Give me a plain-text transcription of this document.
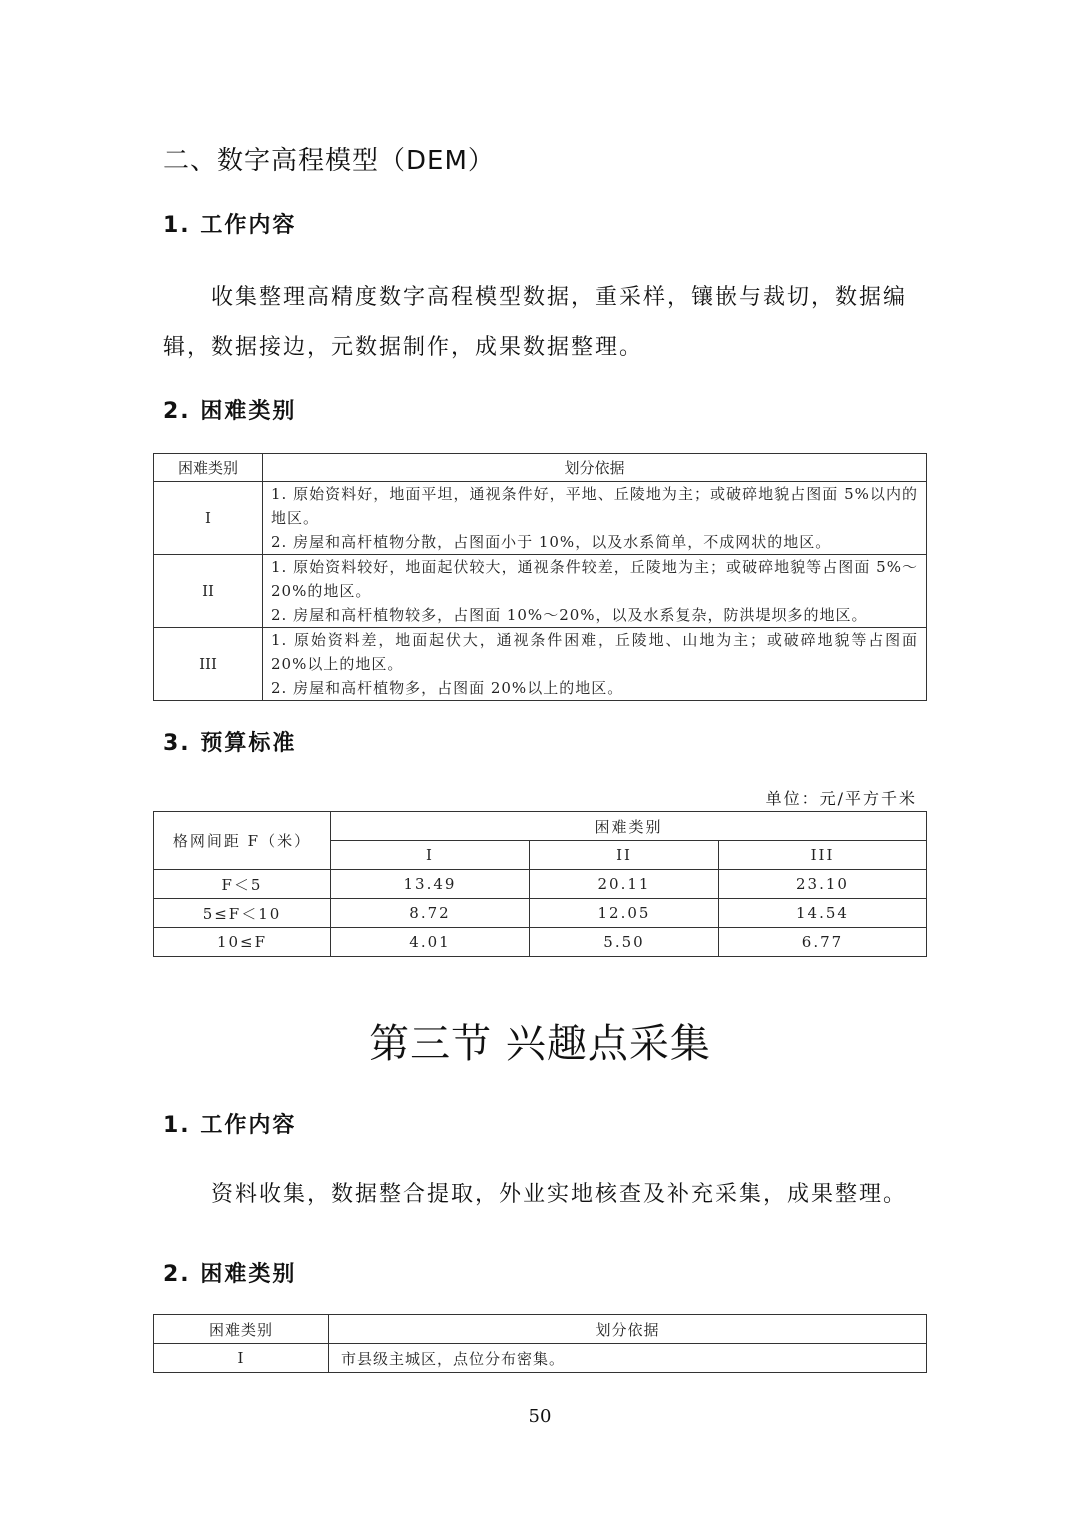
二、数字高程模型（DEM）
1. 工作内容
收集整理高精度数字高程模型数据，重采样，镶嵌与裁切，数据编辑，数据接边，元数据制作，成果数据整理。
2. 困难类别
困难类别	划分依据
I	1. 原始资料好，地面平坦，通视条件好，平地、丘陵地为主；或破碎地貌占图面 5%以内的地区。
2. 房屋和高杆植物分散，占图面小于 10%，以及水系简单，不成网状的地区。

II	1. 原始资料较好，地面起伏较大，通视条件较差，丘陵地为主；或破碎地貌等占图面 5%～20%的地区。
2. 房屋和高杆植物较多，占图面 10%～20%，以及水系复杂，防洪堤坝多的地区。

III	1. 原始资料差，地面起伏大，通视条件困难，丘陵地、山地为主；或破碎地貌等占图面 20%以上的地区。
2. 房屋和高杆植物多，占图面 20%以上的地区。
3. 预算标准
单位：元/平方千米
格网间距 F（米）	困难类别		
	I	II	III
F＜5	13.49	20.11	23.10
5≤F＜10	8.72	12.05	14.54
10≤F	4.01	5.50	6.77
第三节 兴趣点采集
1. 工作内容
资料收集，数据整合提取，外业实地核查及补充采集，成果整理。
2. 困难类别
困难类别	划分依据
I	市县级主城区，点位分布密集。
50
